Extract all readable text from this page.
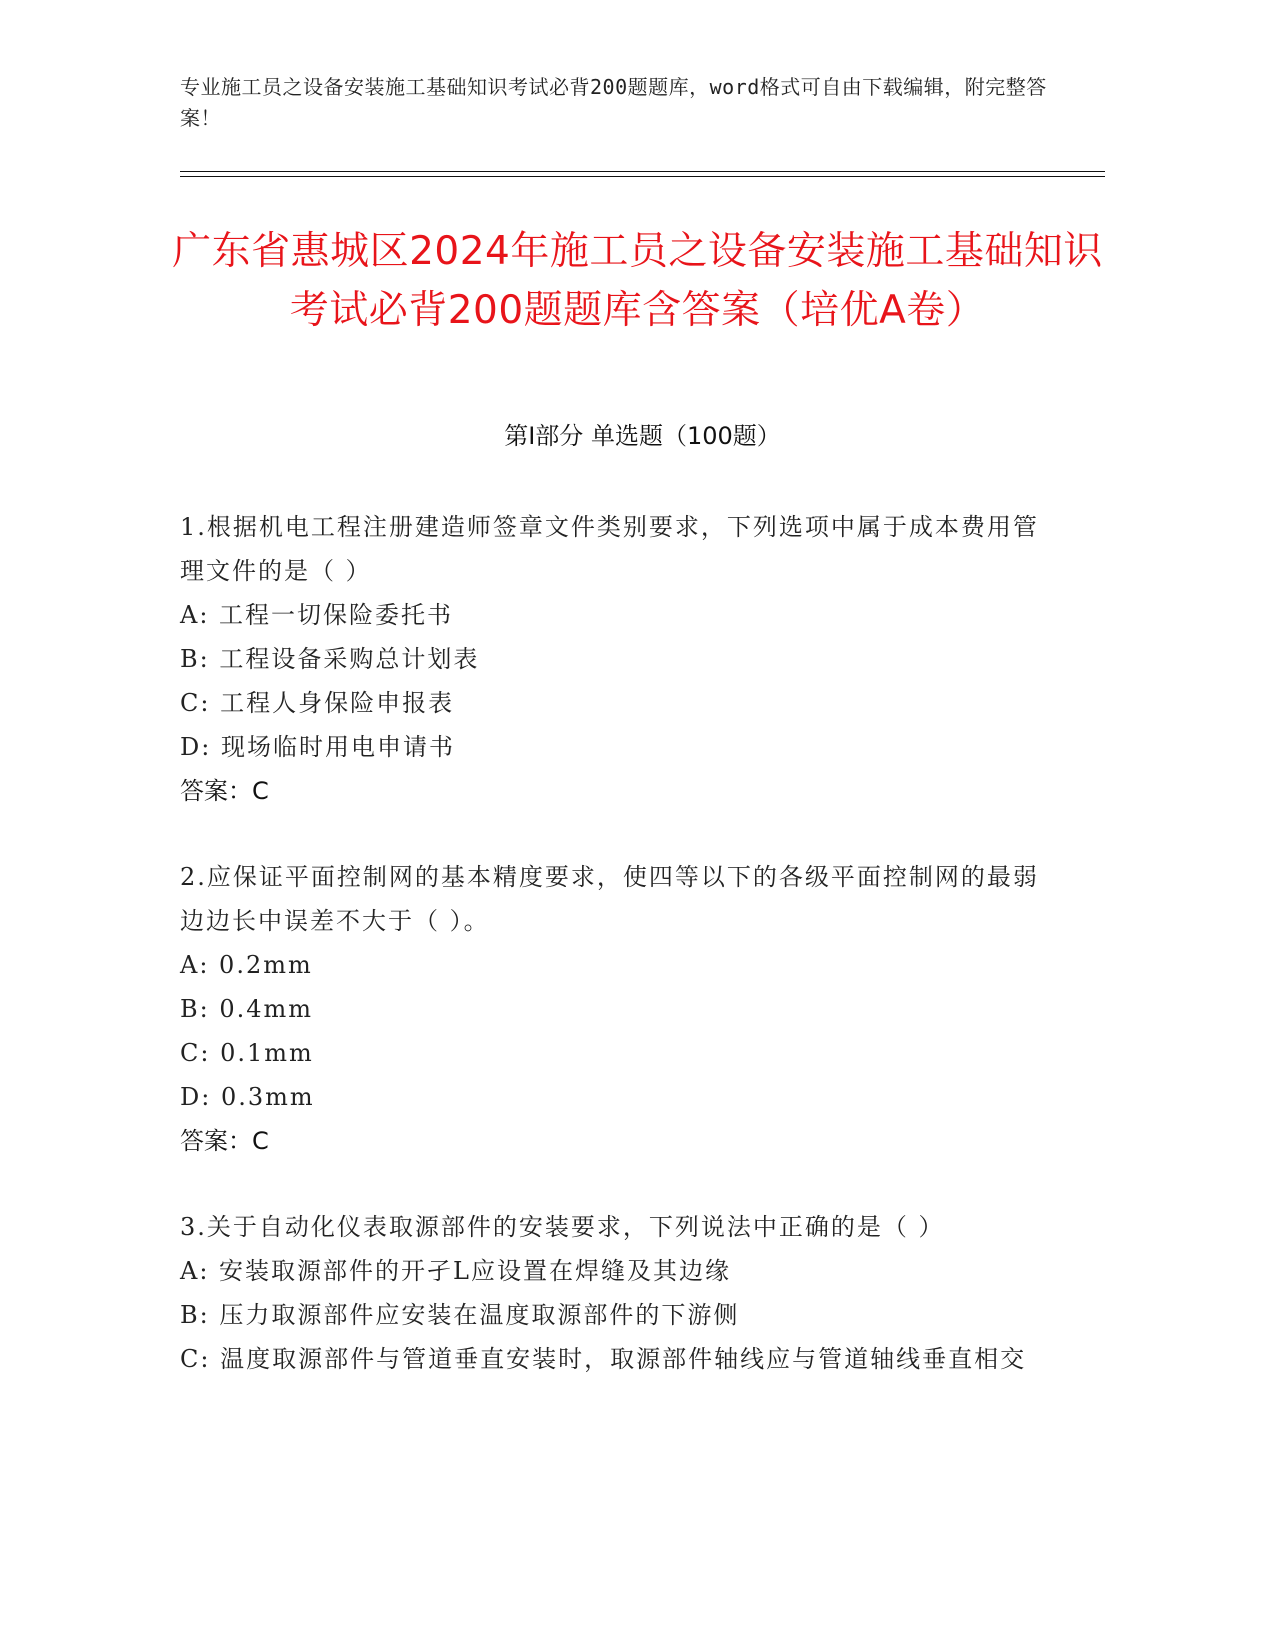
专业施工员之设备安装施工基础知识考试必背200题题库，word格式可自由下载编辑，附完整答案！
广东省惠城区2024年施工员之设备安装施工基础知识考试必背200题题库含答案（培优A卷）
第Ⅰ部分 单选题（100题）
1.根据机电工程注册建造师签章文件类别要求，下列选项中属于成本费用管理文件的是（ ）
A: 工程一切保险委托书
B: 工程设备采购总计划表
C: 工程人身保险申报表
D: 现场临时用电申请书
答案：C
2.应保证平面控制网的基本精度要求，使四等以下的各级平面控制网的最弱边边长中误差不大于（ ）。
A: 0.2mm
B: 0.4mm
C: 0.1mm
D: 0.3mm
答案：C
3.关于自动化仪表取源部件的安装要求，下列说法中正确的是（ ）
A: 安装取源部件的开孑L应设置在焊缝及其边缘
B: 压力取源部件应安装在温度取源部件的下游侧
C: 温度取源部件与管道垂直安装时，取源部件轴线应与管道轴线垂直相交
